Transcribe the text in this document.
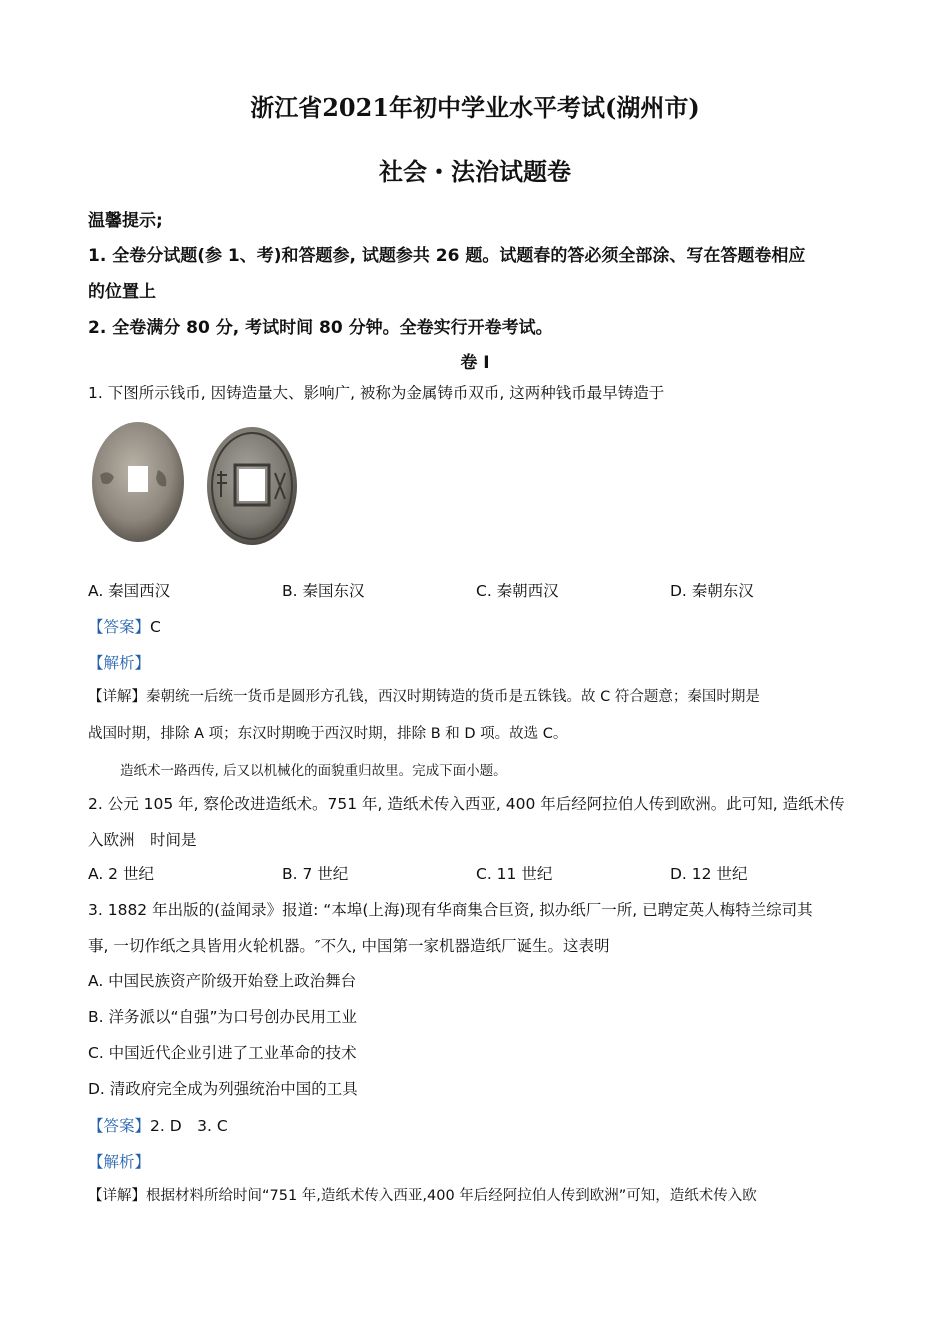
浙江省2021年初中学业水平考试(湖州市)
社会・法治试题卷
温馨提示;
1. 全卷分试题(参 1、考)和答题参, 试题参共 26 题。试题春的答必须全部涂、写在答题卷相应
的位置上
2. 全卷满分 80 分, 考试时间 80 分钟。全卷实行开卷考试。
卷 I
1. 下图所示钱币, 因铸造量大、影响广, 被称为金属铸币双币, 这两种钱币最早铸造于
A. 秦国西汉	B. 秦国东汉	C. 秦朝西汉	D. 秦朝东汉
【答案】C
【解析】
【详解】秦朝统一后统一货币是圆形方孔钱，西汉时期铸造的货币是五铢钱。故 C 符合题意；秦国时期是
战国时期，排除 A 项；东汉时期晚于西汉时期，排除 B 和 D 项。故选 C。
造纸术一路西传, 后又以机械化的面貌重归故里。完成下面小题。
2. 公元 105 年, 察伦改进造纸术。751 年, 造纸术传入西亚, 400 年后经阿拉伯人传到欧洲。此可知, 造纸术传
入欧洲　时间是
A. 2 世纪	B. 7 世纪	C. 11 世纪	D. 12 世纪
3. 1882 年出版的(益闻录》报道: “本埠(上海)现有华商集合巨资, 拟办纸厂一所, 已聘定英人梅特兰综司其
事, 一切作纸之具皆用火轮机器。″不久, 中国第一家机器造纸厂诞生。这表明
A. 中国民族资产阶级开始登上政治舞台
B. 洋务派以“自强”为口号创办民用工业
C. 中国近代企业引进了工业革命的技术
D. 清政府完全成为列强统治中国的工具
【答案】2. D　3. C
【解析】
【详解】根据材料所给时间“751 年,造纸术传入西亚,400 年后经阿拉伯人传到欧洲”可知，造纸术传入欧
